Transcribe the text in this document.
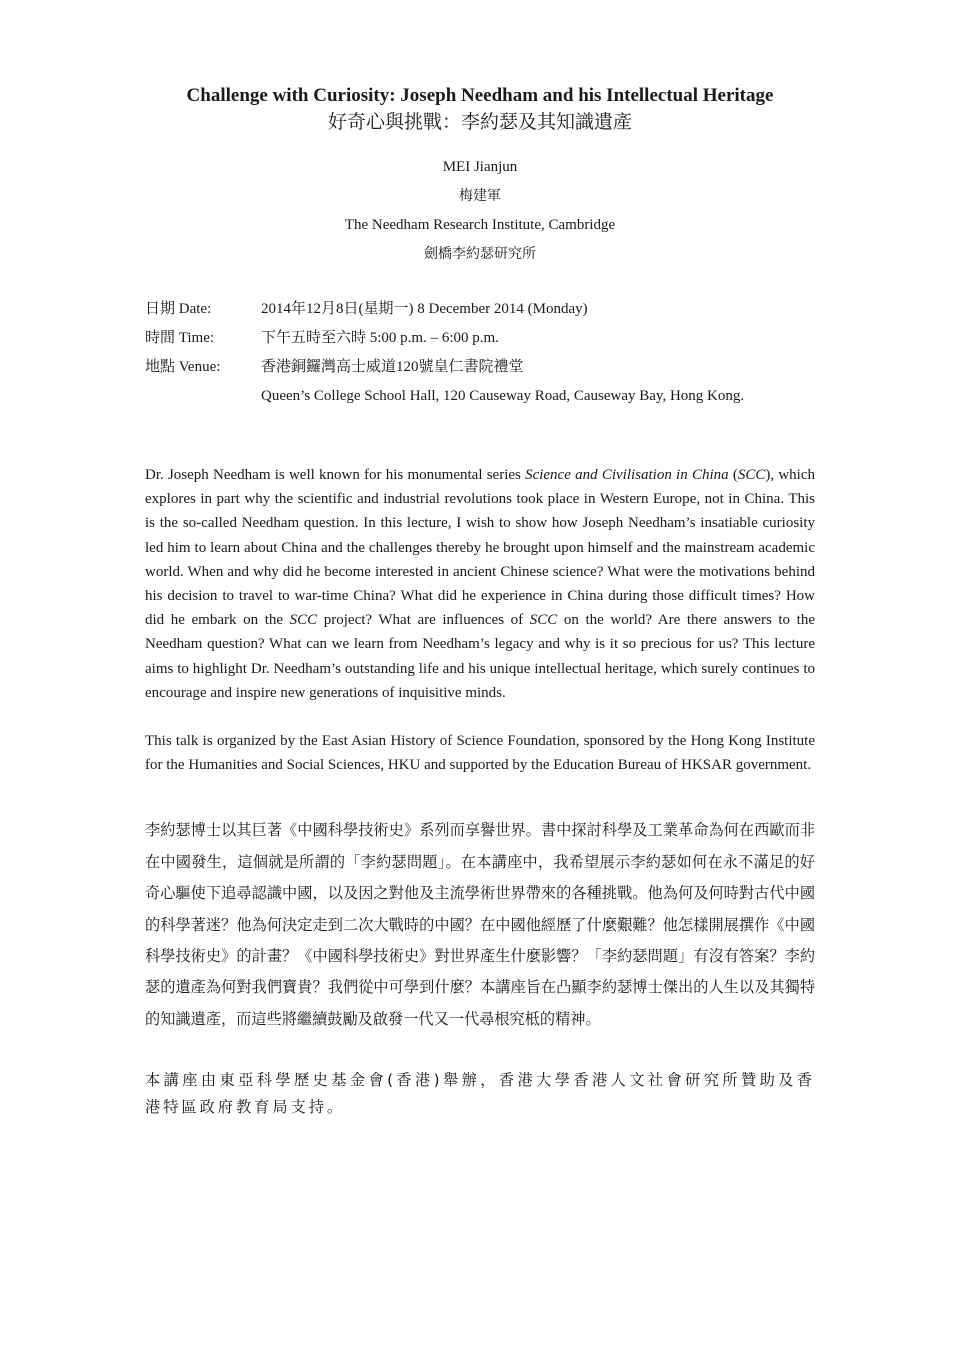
Challenge with Curiosity: Joseph Needham and his Intellectual Heritage

好奇心與挑戰：李約瑟及其知識遺產

MEI Jianjun
梅建軍
The Needham Research Institute, Cambridge
劍橋李約瑟研究所
日期 Date:	2014年12月8日(星期一) 8 December 2014 (Monday)
時間 Time:	下午五時至六時 5:00 p.m. – 6:00 p.m.
地點 Venue:	香港銅鑼灣高士威道120號皇仁書院禮堂
Queen’s College School Hall, 120 Causeway Road, Causeway Bay, Hong Kong.

Dr. Joseph Needham is well known for his monumental series Science and Civilisation in China (SCC), which explores in part why the scientific and industrial revolutions took place in Western Europe, not in China. This is the so-called Needham question. In this lecture, I wish to show how Joseph Needham’s insatiable curiosity led him to learn about China and the challenges thereby he brought upon himself and the mainstream academic world. When and why did he become interested in ancient Chinese science? What were the motivations behind his decision to travel to war-time China? What did he experience in China during those difficult times? How did he embark on the SCC project? What are influences of SCC on the world? Are there answers to the Needham question? What can we learn from Needham’s legacy and why is it so precious for us? This lecture aims to highlight Dr. Needham’s outstanding life and his unique intellectual heritage, which surely continues to encourage and inspire new generations of inquisitive minds.

This talk is organized by the East Asian History of Science Foundation, sponsored by the Hong Kong Institute for the Humanities and Social Sciences, HKU and supported by the Education Bureau of HKSAR government.

李約瑟博士以其巨著《中國科學技術史》系列而享譽世界。書中探討科學及工業革命為何在西歐而非在中國發生，這個就是所謂的「李約瑟問題」。在本講座中，我希望展示李約瑟如何在永不滿足的好奇心驅使下追尋認識中國，以及因之對他及主流學術世界帶來的各種挑戰。他為何及何時對古代中國的科學著迷？他為何決定走到二次大戰時的中國？在中國他經歷了什麼艱難？他怎樣開展撰作《中國科學技術史》的計畫？《中國科學技術史》對世界產生什麼影響？「李約瑟問題」有沒有答案？李約瑟的遺產為何對我們寶貴？我們從中可學到什麼？本講座旨在凸顯李約瑟博士傑出的人生以及其獨特的知識遺產，而這些將繼續鼓勵及啟發一代又一代尋根究柢的精神。

本講座由東亞科學歷史基金會(香港)舉辦，香港大學香港人文社會研究所贊助及香港特區政府教育局支持。
